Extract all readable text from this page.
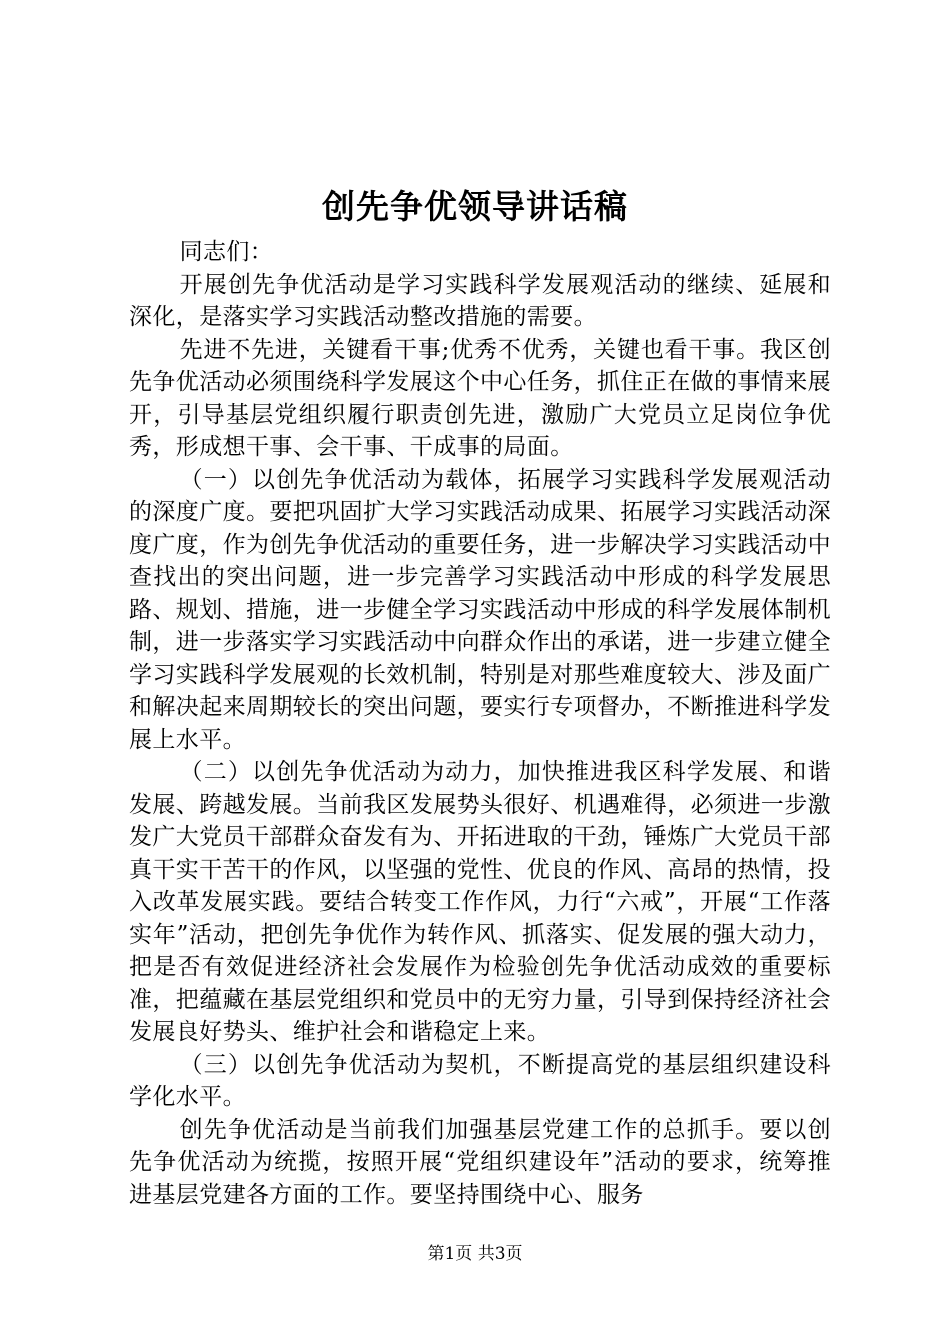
创先争优领导讲话稿

同志们：

开展创先争优活动是学习实践科学发展观活动的继续、延展和深化，是落实学习实践活动整改措施的需要。

先进不先进，关键看干事;优秀不优秀，关键也看干事。我区创先争优活动必须围绕科学发展这个中心任务，抓住正在做的事情来展开，引导基层党组织履行职责创先进，激励广大党员立足岗位争优秀，形成想干事、会干事、干成事的局面。

（一）以创先争优活动为载体，拓展学习实践科学发展观活动的深度广度。要把巩固扩大学习实践活动成果、拓展学习实践活动深度广度，作为创先争优活动的重要任务，进一步解决学习实践活动中查找出的突出问题，进一步完善学习实践活动中形成的科学发展思路、规划、措施，进一步健全学习实践活动中形成的科学发展体制机制，进一步落实学习实践活动中向群众作出的承诺，进一步建立健全学习实践科学发展观的长效机制，特别是对那些难度较大、涉及面广和解决起来周期较长的突出问题，要实行专项督办，不断推进科学发展上水平。

（二）以创先争优活动为动力，加快推进我区科学发展、和谐发展、跨越发展。当前我区发展势头很好、机遇难得，必须进一步激发广大党员干部群众奋发有为、开拓进取的干劲，锤炼广大党员干部真干实干苦干的作风，以坚强的党性、优良的作风、高昂的热情，投入改革发展实践。要结合转变工作作风，力行“六戒”，开展“工作落实年”活动，把创先争优作为转作风、抓落实、促发展的强大动力，把是否有效促进经济社会发展作为检验创先争优活动成效的重要标准，把蕴藏在基层党组织和党员中的无穷力量，引导到保持经济社会发展良好势头、维护社会和谐稳定上来。

（三）以创先争优活动为契机，不断提高党的基层组织建设科学化水平。

创先争优活动是当前我们加强基层党建工作的总抓手。要以创先争优活动为统揽，按照开展“党组织建设年”活动的要求，统筹推进基层党建各方面的工作。要坚持围绕中心、服务

第1页 共3页
